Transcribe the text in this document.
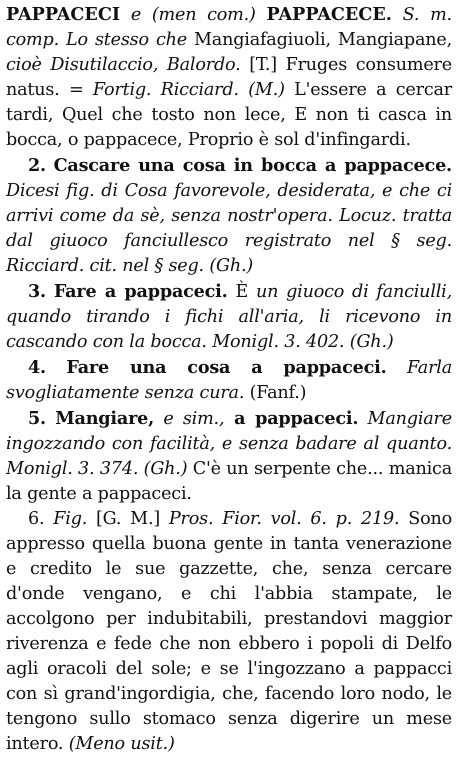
PAPPACECI e (men com.) PAPPACECE. S. m. comp. Lo stesso che Mangiafagiuoli, Mangiapane, cioè Disutilaccio, Balordo. [T.] Fruges consumere natus. = Fortig. Ricciard. (M.) L'essere a cercar tardi, Quel che tosto non lece, E non ti casca in bocca, o pappacece, Proprio è sol d'infingardi.

2. Cascare una cosa in bocca a pappacece. Dicesi fig. di Cosa favorevole, desiderata, e che ci arrivi come da sè, senza nostr'opera. Locuz. tratta dal giuoco fanciullesco registrato nel § seg. Ricciard. cit. nel § seg. (Gh.)

3. Fare a pappaceci. È un giuoco di fanciulli, quando tirando i fichi all'aria, li ricevono in cascando con la bocca. Monigl. 3. 402. (Gh.)

4. Fare una cosa a pappaceci. Farla svogliatamente senza cura. (Fanf.)

5. Mangiare, e sim., a pappaceci. Mangiare ingozzando con facilità, e senza badare al quanto. Monigl. 3. 374. (Gh.) C'è un serpente che... manica la gente a pappaceci.

6. Fig. [G. M.] Pros. Fior. vol. 6. p. 219. Sono appresso quella buona gente in tanta venerazione e credito le sue gazzette, che, senza cercare d'onde vengano, e chi l'abbia stampate, le accolgono per indubitabili, prestandovi maggior riverenza e fede che non ebbero i popoli di Delfo agli oracoli del sole; e se l'ingozzano a pappacci con sì grand'ingordigia, che, facendo loro nodo, le tengono sullo stomaco senza digerire un mese intero. (Meno usit.)
